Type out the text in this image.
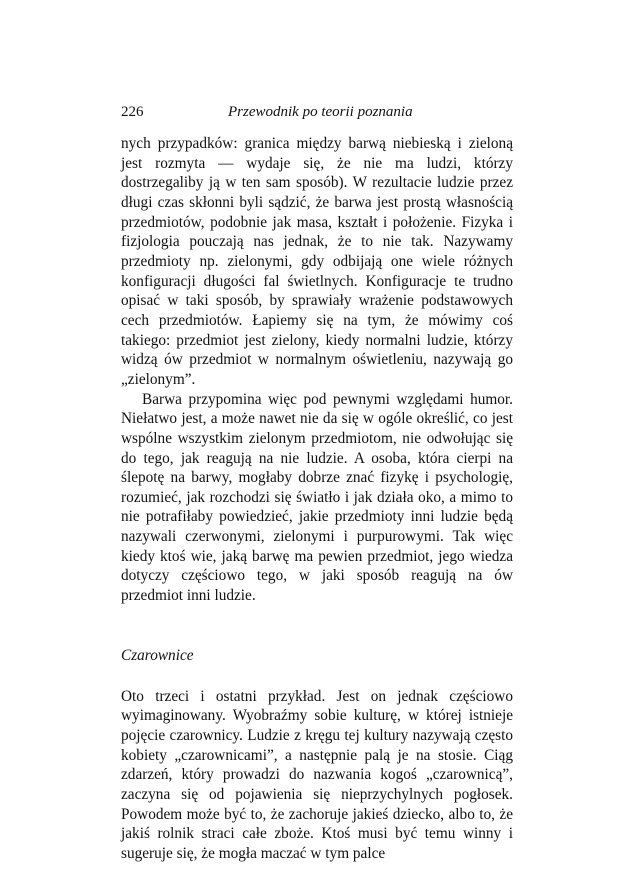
226	Przewodnik po teorii poznania

nych przypadków: granica między barwą niebieską i zieloną jest rozmyta — wydaje się, że nie ma ludzi, którzy dostrzegaliby ją w ten sam sposób). W rezultacie ludzie przez długi czas skłonni byli sądzić, że barwa jest prostą własnością przedmiotów, podobnie jak masa, kształt i położenie. Fizyka i fizjologia pouczają nas jednak, że to nie tak. Nazywamy przedmioty np. zielonymi, gdy odbijają one wiele różnych konfiguracji długości fal świetlnych. Konfiguracje te trudno opisać w taki sposób, by sprawiały wrażenie podstawowych cech przedmiotów. Łapiemy się na tym, że mówimy coś takiego: przedmiot jest zielony, kiedy normalni ludzie, którzy widzą ów przedmiot w normalnym oświetleniu, nazywają go „zielonym”.

Barwa przypomina więc pod pewnymi względami humor. Niełatwo jest, a może nawet nie da się w ogóle określić, co jest wspólne wszystkim zielonym przedmiotom, nie odwołując się do tego, jak reagują na nie ludzie. A osoba, która cierpi na ślepotę na barwy, mogłaby dobrze znać fizykę i psychologię, rozumieć, jak rozchodzi się światło i jak działa oko, a mimo to nie potrafiłaby powiedzieć, jakie przedmioty inni ludzie będą nazywali czerwonymi, zielonymi i purpurowymi. Tak więc kiedy ktoś wie, jaką barwę ma pewien przedmiot, jego wiedza dotyczy częściowo tego, w jaki sposób reagują na ów przedmiot inni ludzie.

Czarownice

Oto trzeci i ostatni przykład. Jest on jednak częściowo wyimaginowany. Wyobraźmy sobie kulturę, w której istnieje pojęcie czarownicy. Ludzie z kręgu tej kultury nazywają często kobiety „czarownicami”, a następnie palą je na stosie. Ciąg zdarzeń, który prowadzi do nazwania kogoś „czarownicą”, zaczyna się od pojawienia się nieprzychylnych pogłosek. Powodem może być to, że zachoruje jakieś dziecko, albo to, że jakiś rolnik straci całe zboże. Ktoś musi być temu winny i sugeruje się, że mogła maczać w tym palce
